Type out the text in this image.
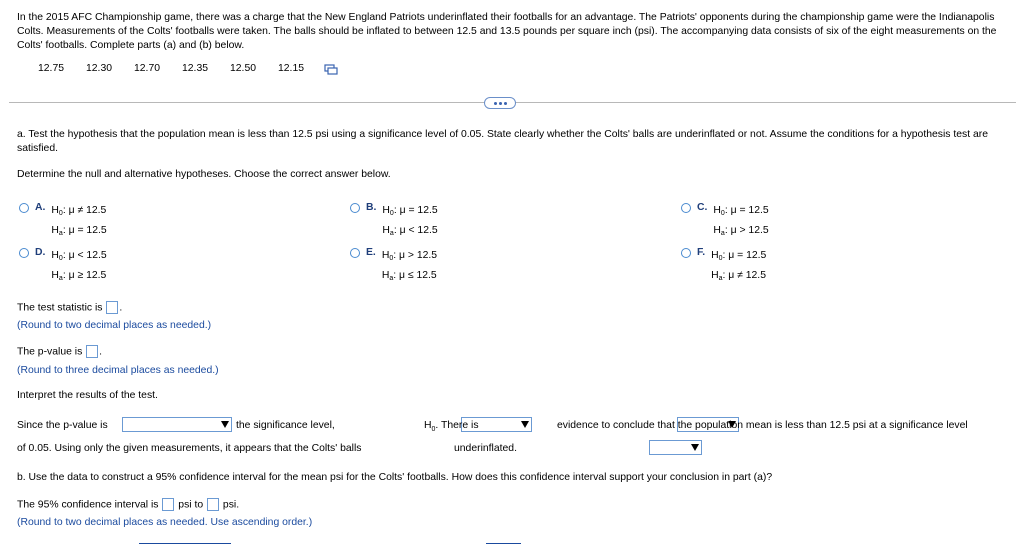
In the 2015 AFC Championship game, there was a charge that the New England Patriots underinflated their footballs for an advantage. The Patriots' opponents during the championship game were the Indianapolis Colts. Measurements of the Colts' footballs were taken. The balls should be inflated to between 12.5 and 13.5 pounds per square inch (psi). The accompanying data consists of six of the eight measurements on the Colts' footballs. Complete parts (a) and (b) below.
12.75 12.30 12.70 12.35 12.50 12.15
a. Test the hypothesis that the population mean is less than 12.5 psi using a significance level of 0.05. State clearly whether the Colts' balls are underinflated or not. Assume the conditions for a hypothesis test are satisfied.
Determine the null and alternative hypotheses. Choose the correct answer below.
A. $H_0$: μ ≠ 12.5
$H_a$: μ = 12.5
B. $H_0$: μ = 12.5
$H_a$: μ < 12.5
C. $H_0$: μ = 12.5
$H_a$: μ > 12.5
D. $H_0$: μ < 12.5
$H_a$: μ ≥ 12.5
E. $H_0$: μ > 12.5
$H_a$: μ ≤ 12.5
F. $H_0$: μ = 12.5
$H_a$: μ ≠ 12.5
The test statistic is .
(Round to two decimal places as needed.)
The p-value is .
(Round to three decimal places as needed.)
Interpret the results of the test.
Since the p-value is
	the significance level,
	$H_0$. There is
	evidence to conclude that the population mean is less than 12.5 psi at a significance level
of 0.05. Using only the given measurements, it appears that the Colts' balls	underinflated.
b. Use the data to construct a 95% confidence interval for the mean psi for the Colts' footballs. How does this confidence interval support your conclusion in part (a)?
The 95% confidence interval is psi to psi.
(Round to two decimal places as needed. Use ascending order.)
